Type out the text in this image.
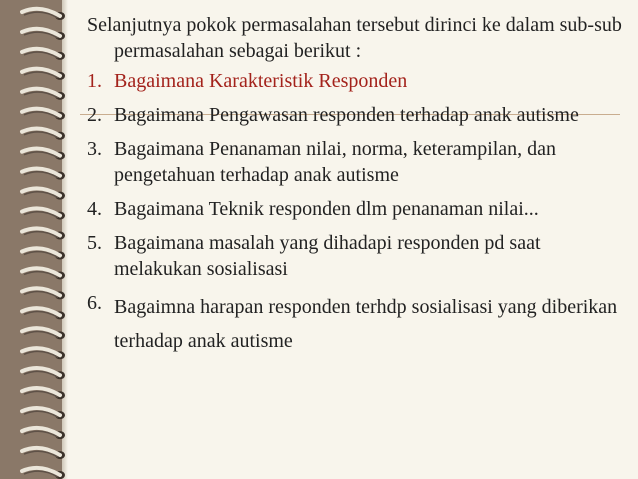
Selanjutnya pokok permasalahan tersebut dirinci ke dalam sub-sub permasalahan sebagai berikut :

1. Bagaimana Karakteristik Responden
2. Bagaimana Pengawasan responden terhadap anak autisme
3. Bagaimana Penanaman nilai, norma, keterampilan, dan pengetahuan terhadap anak autisme
4. Bagaimana Teknik responden dlm penanaman nilai...
5. Bagaimana masalah yang dihadapi responden pd saat melakukan sosialisasi
6. Bagaimna harapan responden terhdp sosialisasi yang diberikan terhadap anak autisme
